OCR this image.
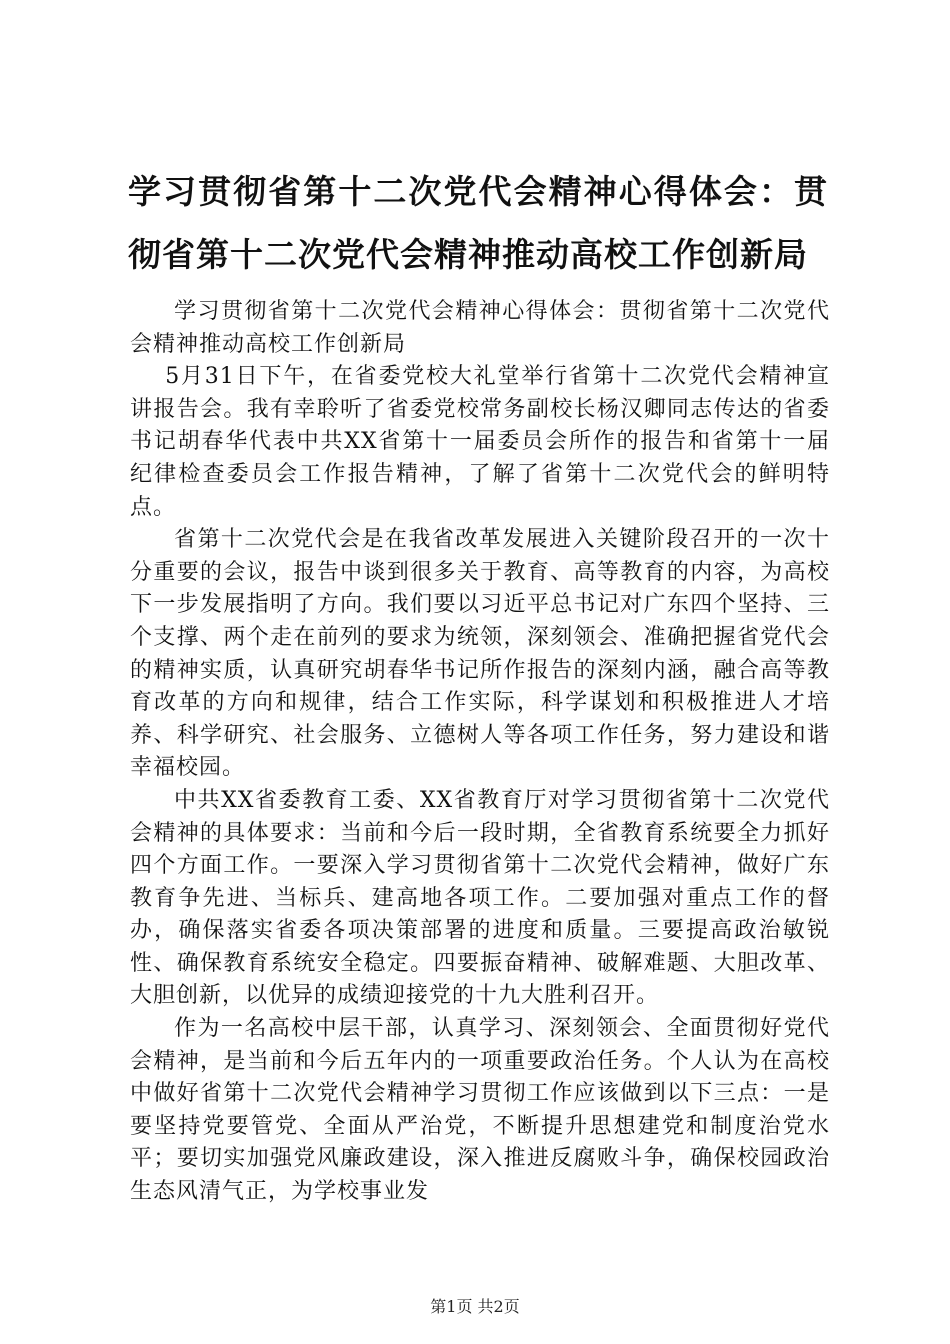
学习贯彻省第十二次党代会精神心得体会：贯彻省第十二次党代会精神推动高校工作创新局

学习贯彻省第十二次党代会精神心得体会：贯彻省第十二次党代会精神推动高校工作创新局

5月31日下午，在省委党校大礼堂举行省第十二次党代会精神宣讲报告会。我有幸聆听了省委党校常务副校长杨汉卿同志传达的省委书记胡春华代表中共XX省第十一届委员会所作的报告和省第十一届纪律检查委员会工作报告精神，了解了省第十二次党代会的鲜明特点。

省第十二次党代会是在我省改革发展进入关键阶段召开的一次十分重要的会议，报告中谈到很多关于教育、高等教育的内容，为高校下一步发展指明了方向。我们要以习近平总书记对广东四个坚持、三个支撑、两个走在前列的要求为统领，深刻领会、准确把握省党代会的精神实质，认真研究胡春华书记所作报告的深刻内涵，融合高等教育改革的方向和规律，结合工作实际，科学谋划和积极推进人才培养、科学研究、社会服务、立德树人等各项工作任务，努力建设和谐幸福校园。

中共XX省委教育工委、XX省教育厅对学习贯彻省第十二次党代会精神的具体要求：当前和今后一段时期，全省教育系统要全力抓好四个方面工作。一要深入学习贯彻省第十二次党代会精神，做好广东教育争先进、当标兵、建高地各项工作。二要加强对重点工作的督办，确保落实省委各项决策部署的进度和质量。三要提高政治敏锐性、确保教育系统安全稳定。四要振奋精神、破解难题、大胆改革、大胆创新，以优异的成绩迎接党的十九大胜利召开。

作为一名高校中层干部，认真学习、深刻领会、全面贯彻好党代会精神，是当前和今后五年内的一项重要政治任务。个人认为在高校中做好省第十二次党代会精神学习贯彻工作应该做到以下三点：一是要坚持党要管党、全面从严治党，不断提升思想建党和制度治党水平；要切实加强党风廉政建设，深入推进反腐败斗争，确保校园政治生态风清气正，为学校事业发

第1页 共2页
